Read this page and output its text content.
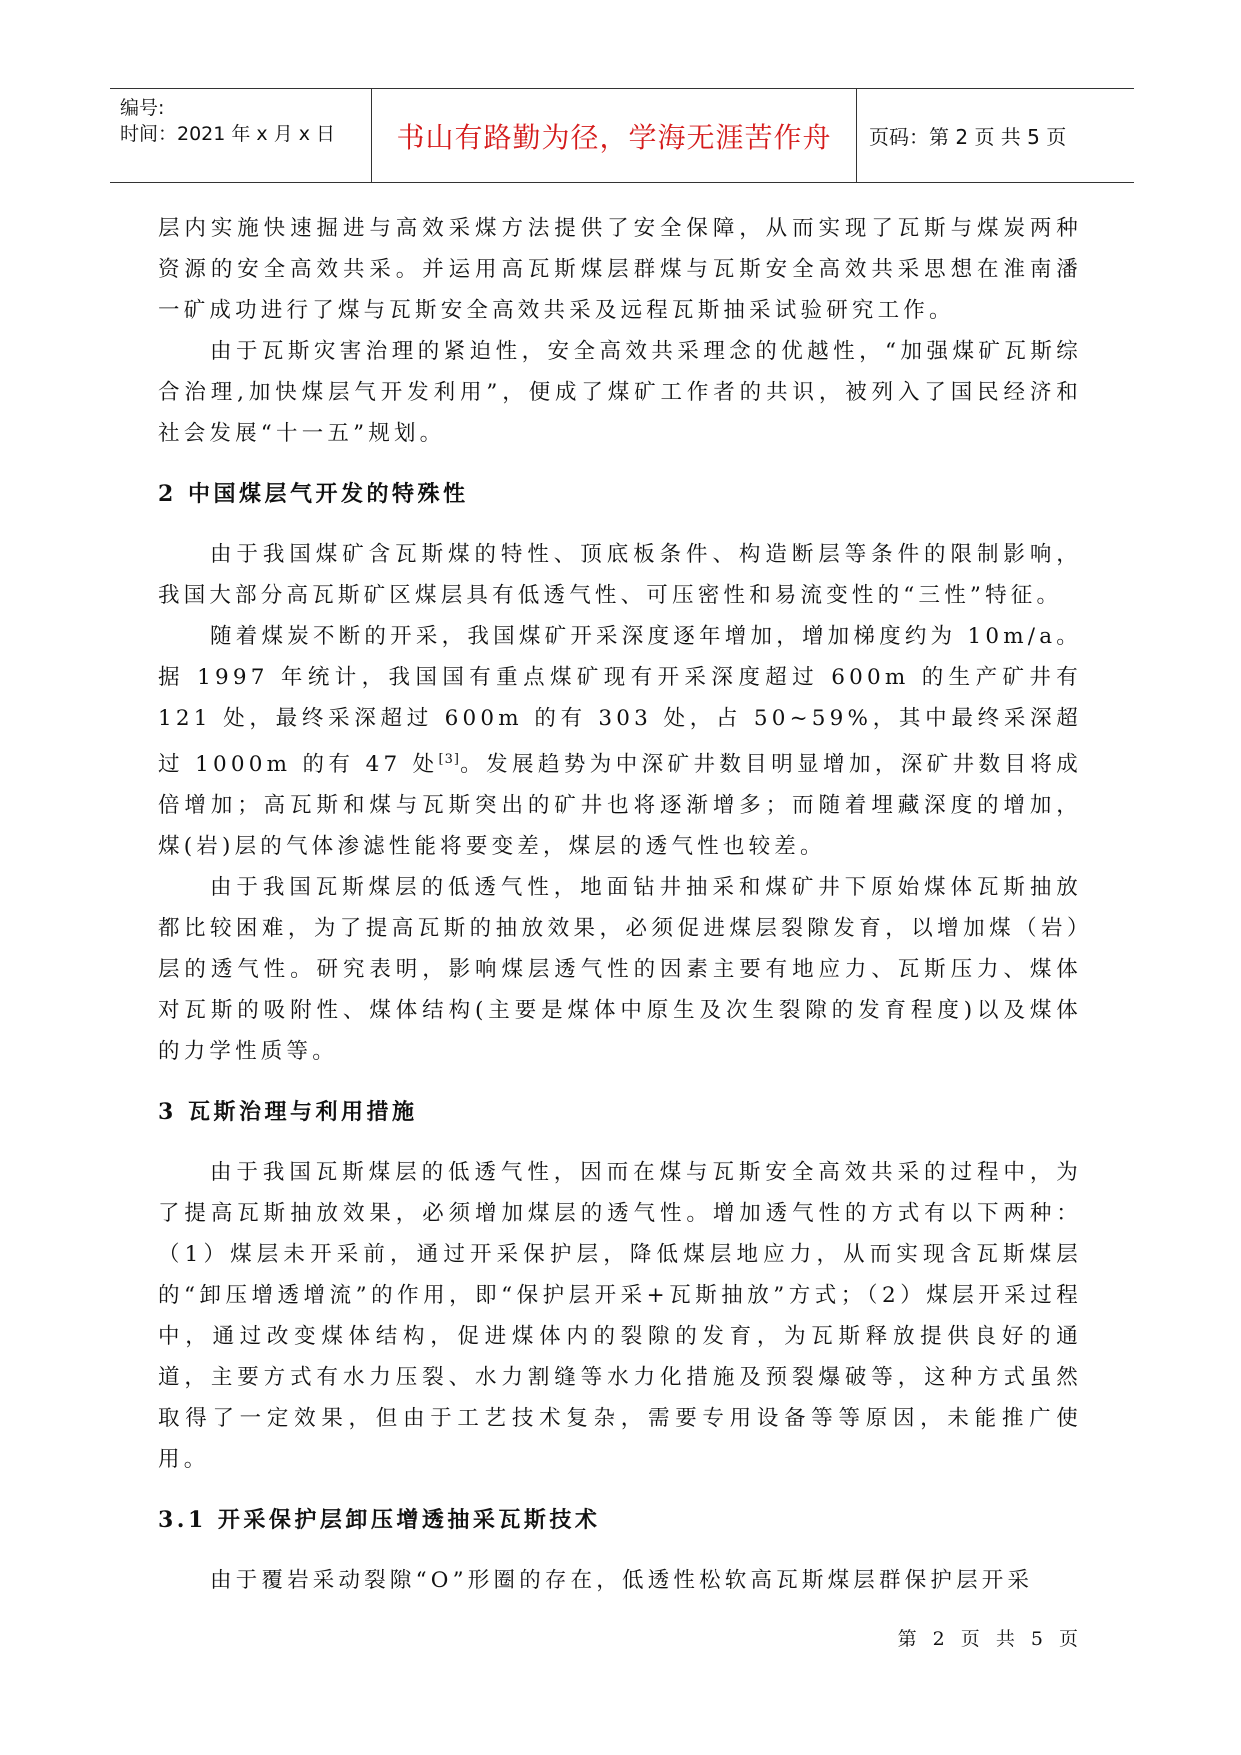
编号:
时间：2021 年 x 月 x 日	书山有路勤为径，学海无涯苦作舟	页码：第 2 页 共 5 页

层内实施快速掘进与高效采煤方法提供了安全保障，从而实现了瓦斯与煤炭两种资源的安全高效共采。并运用高瓦斯煤层群煤与瓦斯安全高效共采思想在淮南潘一矿成功进行了煤与瓦斯安全高效共采及远程瓦斯抽采试验研究工作。

由于瓦斯灾害治理的紧迫性，安全高效共采理念的优越性，“加强煤矿瓦斯综合治理,加快煤层气开发利用”，便成了煤矿工作者的共识，被列入了国民经济和社会发展“十一五”规划。

2 中国煤层气开发的特殊性

由于我国煤矿含瓦斯煤的特性、顶底板条件、构造断层等条件的限制影响，我国大部分高瓦斯矿区煤层具有低透气性、可压密性和易流变性的“三性”特征。

随着煤炭不断的开采，我国煤矿开采深度逐年增加，增加梯度约为 10m/a。据 1997 年统计，我国国有重点煤矿现有开采深度超过 600m 的生产矿井有 121 处，最终采深超过 600m 的有 303 处，占 50~59%，其中最终采深超过 1000m 的有 47 处[3]。发展趋势为中深矿井数目明显增加，深矿井数目将成倍增加；高瓦斯和煤与瓦斯突出的矿井也将逐渐增多；而随着埋藏深度的增加，煤(岩)层的气体渗滤性能将要变差，煤层的透气性也较差。

由于我国瓦斯煤层的低透气性，地面钻井抽采和煤矿井下原始煤体瓦斯抽放都比较困难，为了提高瓦斯的抽放效果，必须促进煤层裂隙发育，以增加煤（岩）层的透气性。研究表明，影响煤层透气性的因素主要有地应力、瓦斯压力、煤体对瓦斯的吸附性、煤体结构(主要是煤体中原生及次生裂隙的发育程度)以及煤体的力学性质等。

3 瓦斯治理与利用措施

由于我国瓦斯煤层的低透气性，因而在煤与瓦斯安全高效共采的过程中，为了提高瓦斯抽放效果，必须增加煤层的透气性。增加透气性的方式有以下两种：（1）煤层未开采前，通过开采保护层，降低煤层地应力，从而实现含瓦斯煤层的“卸压增透增流”的作用，即“保护层开采+瓦斯抽放”方式；（2）煤层开采过程中，通过改变煤体结构，促进煤体内的裂隙的发育，为瓦斯释放提供良好的通道，主要方式有水力压裂、水力割缝等水力化措施及预裂爆破等，这种方式虽然取得了一定效果，但由于工艺技术复杂，需要专用设备等等原因，未能推广使用。

3.1 开采保护层卸压增透抽采瓦斯技术

由于覆岩采动裂隙“O”形圈的存在，低透性松软高瓦斯煤层群保护层开采

第 2 页 共 5 页
